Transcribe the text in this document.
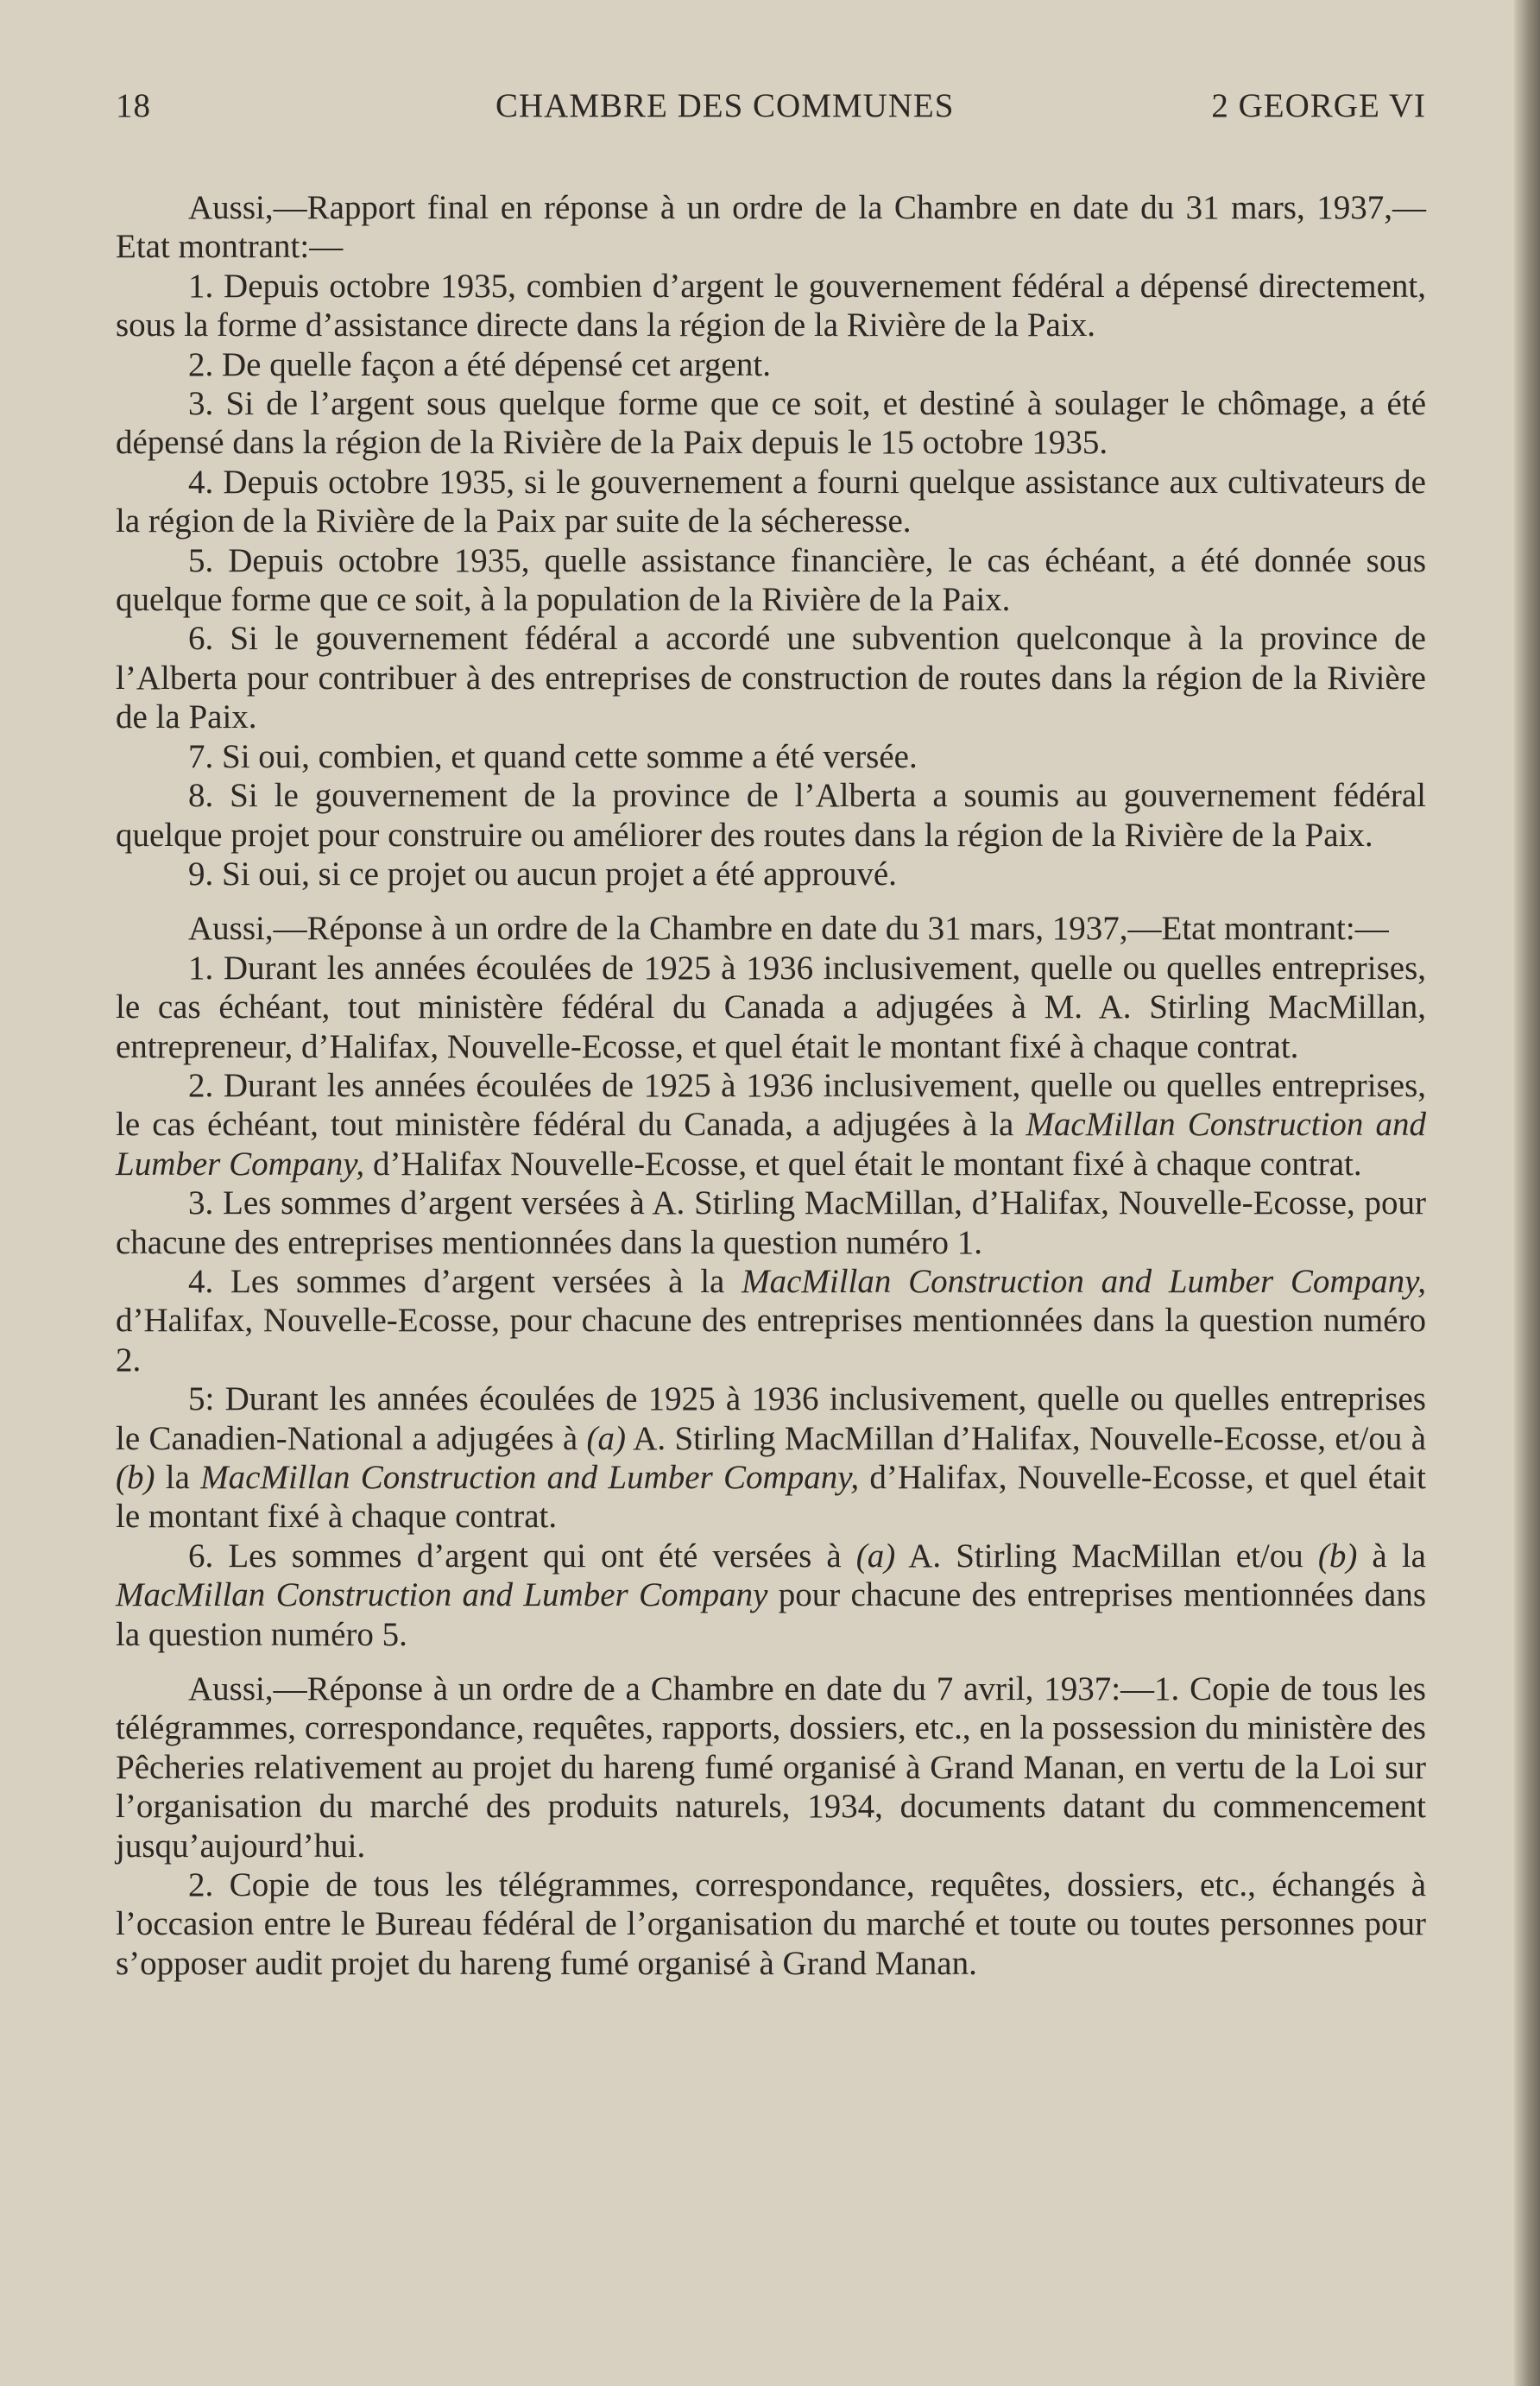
18	CHAMBRE DES COMMUNES	2 GEORGE VI

Aussi,—Rapport final en réponse à un ordre de la Chambre en date du 31 mars, 1937,—Etat montrant:—

1. Depuis octobre 1935, combien d’argent le gouvernement fédéral a dépensé directement, sous la forme d’assistance directe dans la région de la Rivière de la Paix.

2. De quelle façon a été dépensé cet argent.

3. Si de l’argent sous quelque forme que ce soit, et destiné à soulager le chômage, a été dépensé dans la région de la Rivière de la Paix depuis le 15 octobre 1935.

4. Depuis octobre 1935, si le gouvernement a fourni quelque assistance aux cultivateurs de la région de la Rivière de la Paix par suite de la sécheresse.

5. Depuis octobre 1935, quelle assistance financière, le cas échéant, a été donnée sous quelque forme que ce soit, à la population de la Rivière de la Paix.

6. Si le gouvernement fédéral a accordé une subvention quelconque à la province de l’Alberta pour contribuer à des entreprises de construction de routes dans la région de la Rivière de la Paix.

7. Si oui, combien, et quand cette somme a été versée.

8. Si le gouvernement de la province de l’Alberta a soumis au gouvernement fédéral quelque projet pour construire ou améliorer des routes dans la région de la Rivière de la Paix.

9. Si oui, si ce projet ou aucun projet a été approuvé.

Aussi,—Réponse à un ordre de la Chambre en date du 31 mars, 1937,—Etat montrant:—

1. Durant les années écoulées de 1925 à 1936 inclusivement, quelle ou quelles entreprises, le cas échéant, tout ministère fédéral du Canada a adjugées à M. A. Stirling MacMillan, entrepreneur, d’Halifax, Nouvelle-Ecosse, et quel était le montant fixé à chaque contrat.

2. Durant les années écoulées de 1925 à 1936 inclusivement, quelle ou quelles entreprises, le cas échéant, tout ministère fédéral du Canada, a adjugées à la MacMillan Construction and Lumber Company, d’Halifax Nouvelle-Ecosse, et quel était le montant fixé à chaque contrat.

3. Les sommes d’argent versées à A. Stirling MacMillan, d’Halifax, Nouvelle-Ecosse, pour chacune des entreprises mentionnées dans la question numéro 1.

4. Les sommes d’argent versées à la MacMillan Construction and Lumber Company, d’Halifax, Nouvelle-Ecosse, pour chacune des entreprises mentionnées dans la question numéro 2.

5: Durant les années écoulées de 1925 à 1936 inclusivement, quelle ou quelles entreprises le Canadien-National a adjugées à (a) A. Stirling MacMillan d’Halifax, Nouvelle-Ecosse, et/ou à (b) la MacMillan Construction and Lumber Company, d’Halifax, Nouvelle-Ecosse, et quel était le montant fixé à chaque contrat.

6. Les sommes d’argent qui ont été versées à (a) A. Stirling MacMillan et/ou (b) à la MacMillan Construction and Lumber Company pour chacune des entreprises mentionnées dans la question numéro 5.

Aussi,—Réponse à un ordre de a Chambre en date du 7 avril, 1937:—1. Copie de tous les télégrammes, correspondance, requêtes, rapports, dossiers, etc., en la possession du ministère des Pêcheries relativement au projet du hareng fumé organisé à Grand Manan, en vertu de la Loi sur l’organisation du marché des produits naturels, 1934, documents datant du commencement jusqu’aujourd’hui.

2. Copie de tous les télégrammes, correspondance, requêtes, dossiers, etc., échangés à l’occasion entre le Bureau fédéral de l’organisation du marché et toute ou toutes personnes pour s’opposer audit projet du hareng fumé organisé à Grand Manan.
